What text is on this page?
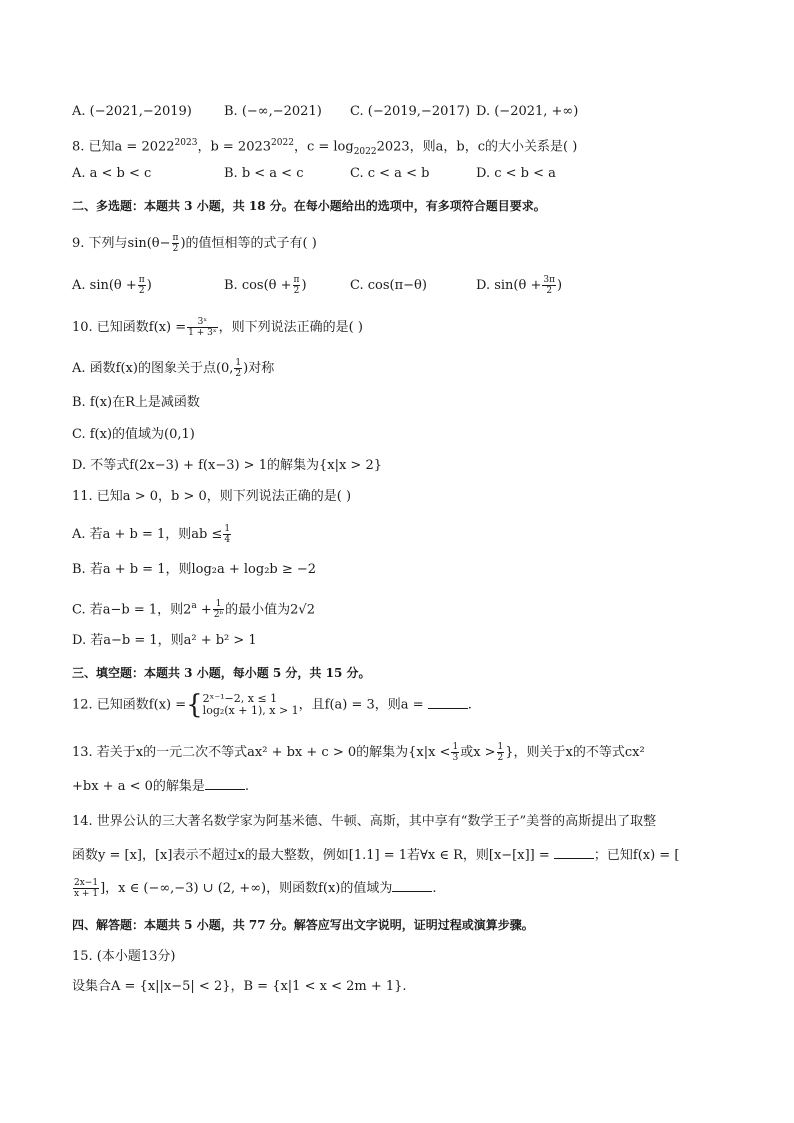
A. (−2021,−2019) B. (−∞,−2021) C. (−2019,−2017) D. (−2021, +∞)
8. 已知$a = 2022^{2023}$，$b = 2023^{2022}$，$c = \log_{2022}2023$，则a，b，c的大小关系是( )
A. a < b < c	B. b < a < c	C. c < a < b	D. c < b < a
二、多选题：本题共 3 小题，共 18 分。在每小题给出的选项中，有多项符合题目要求。
9. 下列与$\sin(\theta- \frac{\pi}{2}$ )的值恒相等的式子有( )
A. $\sin(\theta + \frac{\pi}{2}$ )	B. $\cos(\theta + \frac{\pi}{2}$ )	C. cos(π−θ)	D. $\sin(\theta + \frac{3\pi}{2}$ )
10. 已知函数$f(x) = \frac{\text{3ˣ}}{\text{1 + 3ˣ}}$ ，则下列说法正确的是( )
A. 函数f(x)的图象关于点(0, $\frac{1}{2}$ )对称
B. f(x)在R上是减函数
C. f(x)的值域为(0,1)
D. 不等式f(2x−3) + f(x−3) > 1的解集为{x|x > 2}
11. 已知a > 0，b > 0，则下列说法正确的是( )
A. 若a + b = 1，则ab ≤ $\frac{1}{4}$
B. 若a + b = 1，则log₂a + log₂b ≥ −2
C. 若a−b = 1，则$2^a + \frac{1}{\text{2ᵇ}}$ 的最小值为2√2
D. 若a−b = 1，则a² + b² > 1
三、填空题：本题共 3 小题，每小题 5 分，共 15 分。
12. 已知函数f(x) ={ 2ˣ⁻¹−2, x ≤ 1
log₂(x + 1), x > 1 ，且f(a) = 3，则a =	.
13. 若关于x的一元二次不等式ax² + bx + c > 0的解集为{$x|x < \frac{1}{3}$ 或$x > \frac{1}{2}$ }，则关于x的不等式cx²
+bx + a < 0的解集是	.
14. 世界公认的三大著名数学家为阿基米德、牛顿、高斯，其中享有“数学王子”美誉的高斯提出了取整
函数y = [x]，[x]表示不超过x的最大整数，例如[1.1] = 1若∀x ∈ R，则[x−[x]] =	；已知f(x) = [
$\frac{2x-1}{x + 1}$ ]，x ∈ (−∞,−3) ∪ (2, +∞)，则函数f(x)的值域为	.
四、解答题：本题共 5 小题，共 77 分。解答应写出文字说明，证明过程或演算步骤。
15. (本小题13分)
设集合A = {x||x−5| < 2}，B = {x|1 < x < 2m + 1}.
